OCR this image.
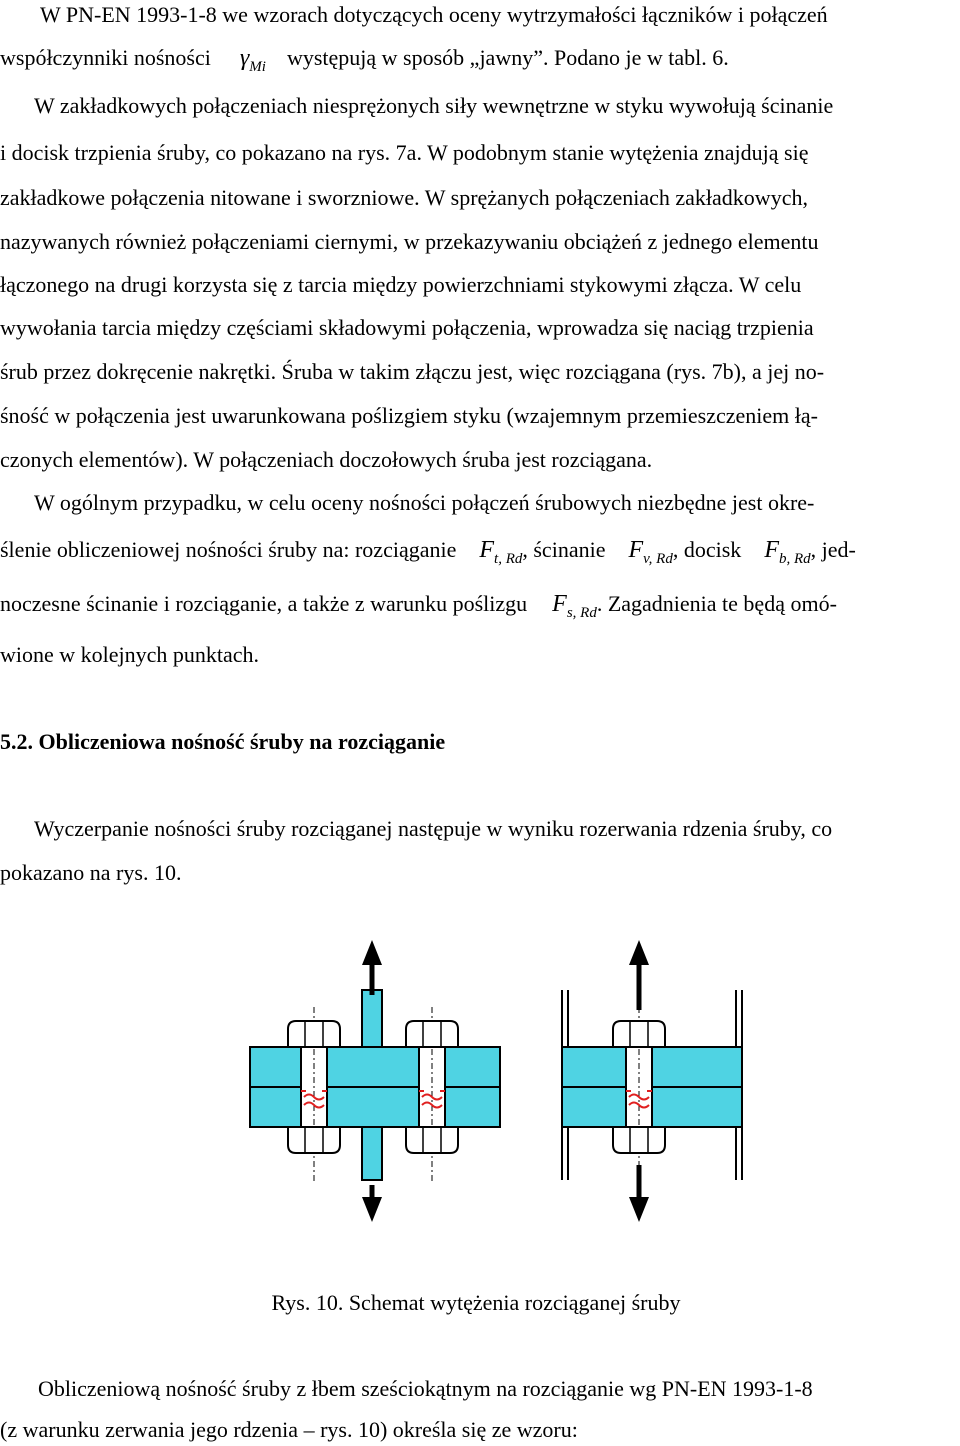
W PN-EN 1993-1-8 we wzorach dotyczących oceny wytrzymałości łączników i połączeń
współczynniki nośności $\gamma_{Mi}$ występują w sposób „jawny”. Podano je w tabl. 6.
W zakładkowych połączeniach niesprężonych siły wewnętrzne w styku wywołują ścinanie
i docisk trzpienia śruby, co pokazano na rys. 7a. W podobnym stanie wytężenia znajdują się
zakładkowe połączenia nitowane i sworzniowe. W sprężanych połączeniach zakładkowych,
nazywanych również połączeniami ciernymi, w przekazywaniu obciążeń z jednego elementu
łączonego na drugi korzysta się z tarcia między powierzchniami stykowymi złącza. W celu
wywołania tarcia między częściami składowymi połączenia, wprowadza się naciąg trzpienia
śrub przez dokręcenie nakrętki. Śruba w takim złączu jest, więc rozciągana (rys. 7b), a jej no-
śność w połączenia jest uwarunkowana poślizgiem styku (wzajemnym przemieszczeniem łą-
czonych elementów). W połączeniach doczołowych śruba jest rozciągana.
W ogólnym przypadku, w celu oceny nośności połączeń śrubowych niezbędne jest okre-
ślenie obliczeniowej nośności śruby na: rozciąganie $F_{t, Rd}$, ścinanie $F_{v, Rd}$, docisk $F_{b, Rd}$, jed-
noczesne ścinanie i rozciąganie, a także z warunku poślizgu $F_{s, Rd}$. Zagadnienia te będą omó-
wione w kolejnych punktach.
5.2. Obliczeniowa nośność śruby na rozciąganie
Wyczerpanie nośności śruby rozciąganej następuje w wyniku rozerwania rdzenia śruby, co
pokazano na rys. 10.
Rys. 10. Schemat wytężenia rozciąganej śruby
Obliczeniową nośność śruby z łbem sześciokątnym na rozciąganie wg PN-EN 1993-1-8
(z warunku zerwania jego rdzenia – rys. 10) określa się ze wzoru:
